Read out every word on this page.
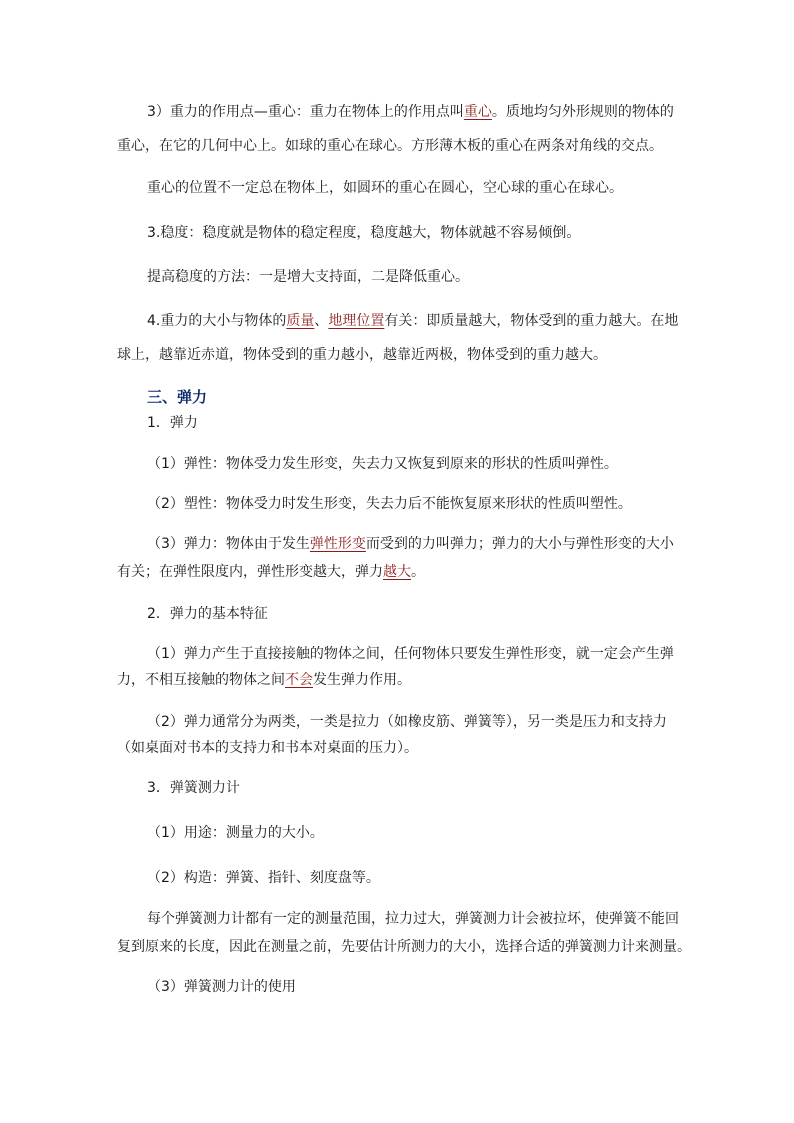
3）重力的作用点—重心：重力在物体上的作用点叫重心。质地均匀外形规则的物体的

重心，在它的几何中心上。如球的重心在球心。方形薄木板的重心在两条对角线的交点。

重心的位置不一定总在物体上，如圆环的重心在圆心，空心球的重心在球心。

3.稳度：稳度就是物体的稳定程度，稳度越大，物体就越不容易倾倒。

提高稳度的方法：一是增大支持面，二是降低重心。

4.重力的大小与物体的质量、地理位置有关：即质量越大，物体受到的重力越大。在地

球上，越靠近赤道，物体受到的重力越小，越靠近两极，物体受到的重力越大。

三、弹力

1．弹力

（1）弹性：物体受力发生形变，失去力又恢复到原来的形状的性质叫弹性。

（2）塑性：物体受力时发生形变，失去力后不能恢复原来形状的性质叫塑性。

（3）弹力：物体由于发生弹性形变而受到的力叫弹力；弹力的大小与弹性形变的大小

有关；在弹性限度内，弹性形变越大，弹力越大。

2．弹力的基本特征

（1）弹力产生于直接接触的物体之间，任何物体只要发生弹性形变，就一定会产生弹

力，不相互接触的物体之间不会发生弹力作用。

（2）弹力通常分为两类，一类是拉力（如橡皮筋、弹簧等），另一类是压力和支持力

（如桌面对书本的支持力和书本对桌面的压力）。

3．弹簧测力计

（1）用途：测量力的大小。

（2）构造：弹簧、指针、刻度盘等。

每个弹簧测力计都有一定的测量范围，拉力过大，弹簧测力计会被拉坏，使弹簧不能回

复到原来的长度，因此在测量之前，先要估计所测力的大小，选择合适的弹簧测力计来测量。

（3）弹簧测力计的使用
